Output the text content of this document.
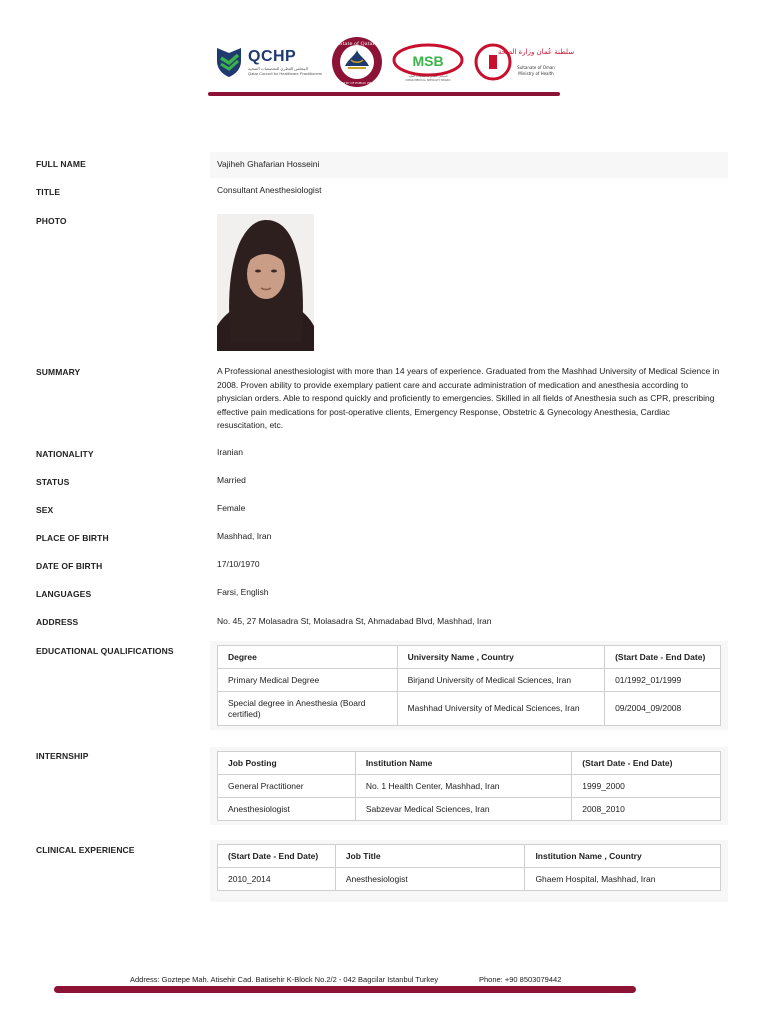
QCHP
المجلس القطري للتخصصات الصحية
Qatar Council for Healthcare Practitioners
State of Qatar
MINISTRY OF PUBLIC HEALTH
MSB
المجلس العماني للاختصاصات الطبية
OMAN MEDICAL SPECIALTY BOARD
سلطنة عُمان وزارة الصحة
Sultanate of Oman
Ministry of Health
FULL NAME	Vajiheh Ghafarian Hosseini
TITLE	Consultant Anesthesiologist
PHOTO
SUMMARY	A Professional anesthesiologist with more than 14 years of experience. Graduated from the Mashhad University of Medical Science in 2008. Proven ability to provide exemplary patient care and accurate administration of medication and anesthesia according to physician orders. Able to respond quickly and proficiently to emergencies. Skilled in all fields of Anesthesia such as CPR, prescribing effective pain medications for post-operative clients, Emergency Response, Obstetric & Gynecology Anesthesia, Cardiac resuscitation, etc.
NATIONALITY	Iranian
STATUS	Married
SEX	Female
PLACE OF BIRTH	Mashhad, Iran
DATE OF BIRTH	17/10/1970
LANGUAGES	Farsi, English
ADDRESS	No. 45, 27 Molasadra St, Molasadra St, Ahmadabad Blvd, Mashhad, Iran
EDUCATIONAL QUALIFICATIONS
Degree	University Name , Country	(Start Date - End Date)
Primary Medical Degree	Birjand University of Medical Sciences, Iran	01/1992_01/1999
Special degree in Anesthesia (Board certified)	Mashhad University of Medical Sciences, Iran	09/2004_09/2008
INTERNSHIP
Job Posting	Institution Name	(Start Date - End Date)
General Practitioner	No. 1 Health Center, Mashhad, Iran	1999_2000
Anesthesiologist	Sabzevar Medical Sciences, Iran	2008_2010
CLINICAL EXPERIENCE
(Start Date - End Date)	Job Title	Institution Name , Country
2010_2014	Anesthesiologist	Ghaem Hospital, Mashhad, Iran
Address: Goztepe Mah. Atisehir Cad. Batisehir K-Block No.2/2 - 042 Bagcilar Istanbul Turkey	Phone: +90 8503079442
